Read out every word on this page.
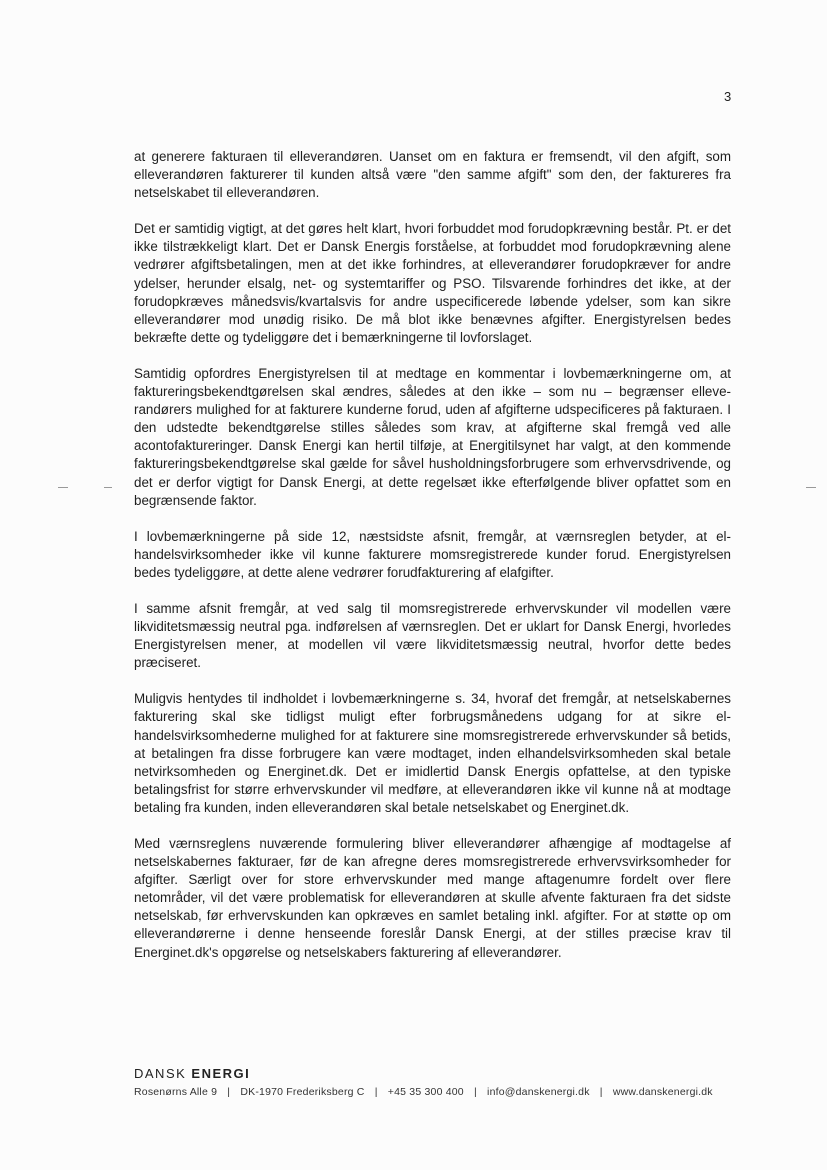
3

at generere fakturaen til elleverandøren. Uanset om en faktura er fremsendt, vil den afgift, som elleverandøren fakturerer til kunden altså være "den samme afgift" som den, der faktureres fra netselskabet til elleverandøren.

Det er samtidig vigtigt, at det gøres helt klart, hvori forbuddet mod forudopkrævning består. Pt. er det ikke tilstrækkeligt klart. Det er Dansk Energis forståelse, at forbuddet mod forudopkrævning alene vedrører afgiftsbetalingen, men at det ikke forhindres, at elleverandører forudopkræver for andre ydelser, herunder elsalg, net- og systemtariffer og PSO. Tilsvarende forhindres det ikke, at der forudopkræves månedsvis/kvartalsvis for andre uspecificerede løbende ydelser, som kan sikre elleverandører mod unødig risiko. De må blot ikke benævnes afgifter. Energistyrelsen bedes bekræfte dette og tydeliggøre det i bemærkningerne til lovforslaget.

Samtidig opfordres Energistyrelsen til at medtage en kommentar i lovbemærkningerne om, at faktureringsbekendtgørelsen skal ændres, således at den ikke – som nu – begrænser elleverandørers mulighed for at fakturere kunderne forud, uden af afgifterne udspecificeres på fakturaen. I den udstedte bekendtgørelse stilles således som krav, at afgifterne skal fremgå ved alle acontofaktureringer. Dansk Energi kan hertil tilføje, at Energitilsynet har valgt, at den kommende faktureringsbekendtgørelse skal gælde for såvel husholdningsforbrugere som erhvervsdrivende, og det er derfor vigtigt for Dansk Energi, at dette regelsæt ikke efterfølgende bliver opfattet som en begrænsende faktor.

I lovbemærkningerne på side 12, næstsidste afsnit, fremgår, at værnsreglen betyder, at elhandelsvirksomheder ikke vil kunne fakturere momsregistrerede kunder forud. Energistyrelsen bedes tydeliggøre, at dette alene vedrører forudfakturering af elafgifter.

I samme afsnit fremgår, at ved salg til momsregistrerede erhvervskunder vil modellen være likviditetsmæssig neutral pga. indførelsen af værnsreglen. Det er uklart for Dansk Energi, hvorledes Energistyrelsen mener, at modellen vil være likviditetsmæssig neutral, hvorfor dette bedes præciseret.

Muligvis hentydes til indholdet i lovbemærkningerne s. 34, hvoraf det fremgår, at netselskabernes fakturering skal ske tidligst muligt efter forbrugsmånedens udgang for at sikre elhandelsvirksomhederne mulighed for at fakturere sine momsregistrerede erhvervskunder så betids, at betalingen fra disse forbrugere kan være modtaget, inden elhandelsvirksomheden skal betale netvirksomheden og Energinet.dk. Det er imidlertid Dansk Energis opfattelse, at den typiske betalingsfrist for større erhvervskunder vil medføre, at elleverandøren ikke vil kunne nå at modtage betaling fra kunden, inden elleverandøren skal betale netselskabet og Energinet.dk.

Med værnsreglens nuværende formulering bliver elleverandører afhængige af modtagelse af netselskabernes fakturaer, før de kan afregne deres momsregistrerede erhvervsvirksomheder for afgifter. Særligt over for store erhvervskunder med mange aftagenumre fordelt over flere netområder, vil det være problematisk for elleverandøren at skulle afvente fakturaen fra det sidste netselskab, før erhvervskunden kan opkræves en samlet betaling inkl. afgifter. For at støtte op om elleverandørerne i denne henseende foreslår Dansk Energi, at der stilles præcise krav til Energinet.dk's opgørelse og netselskabers fakturering af elleverandører.

DANSK ENERGI
Rosenørns Alle 9 | DK-1970 Frederiksberg C | +45 35 300 400 | info@danskenergi.dk | www.danskenergi.dk
